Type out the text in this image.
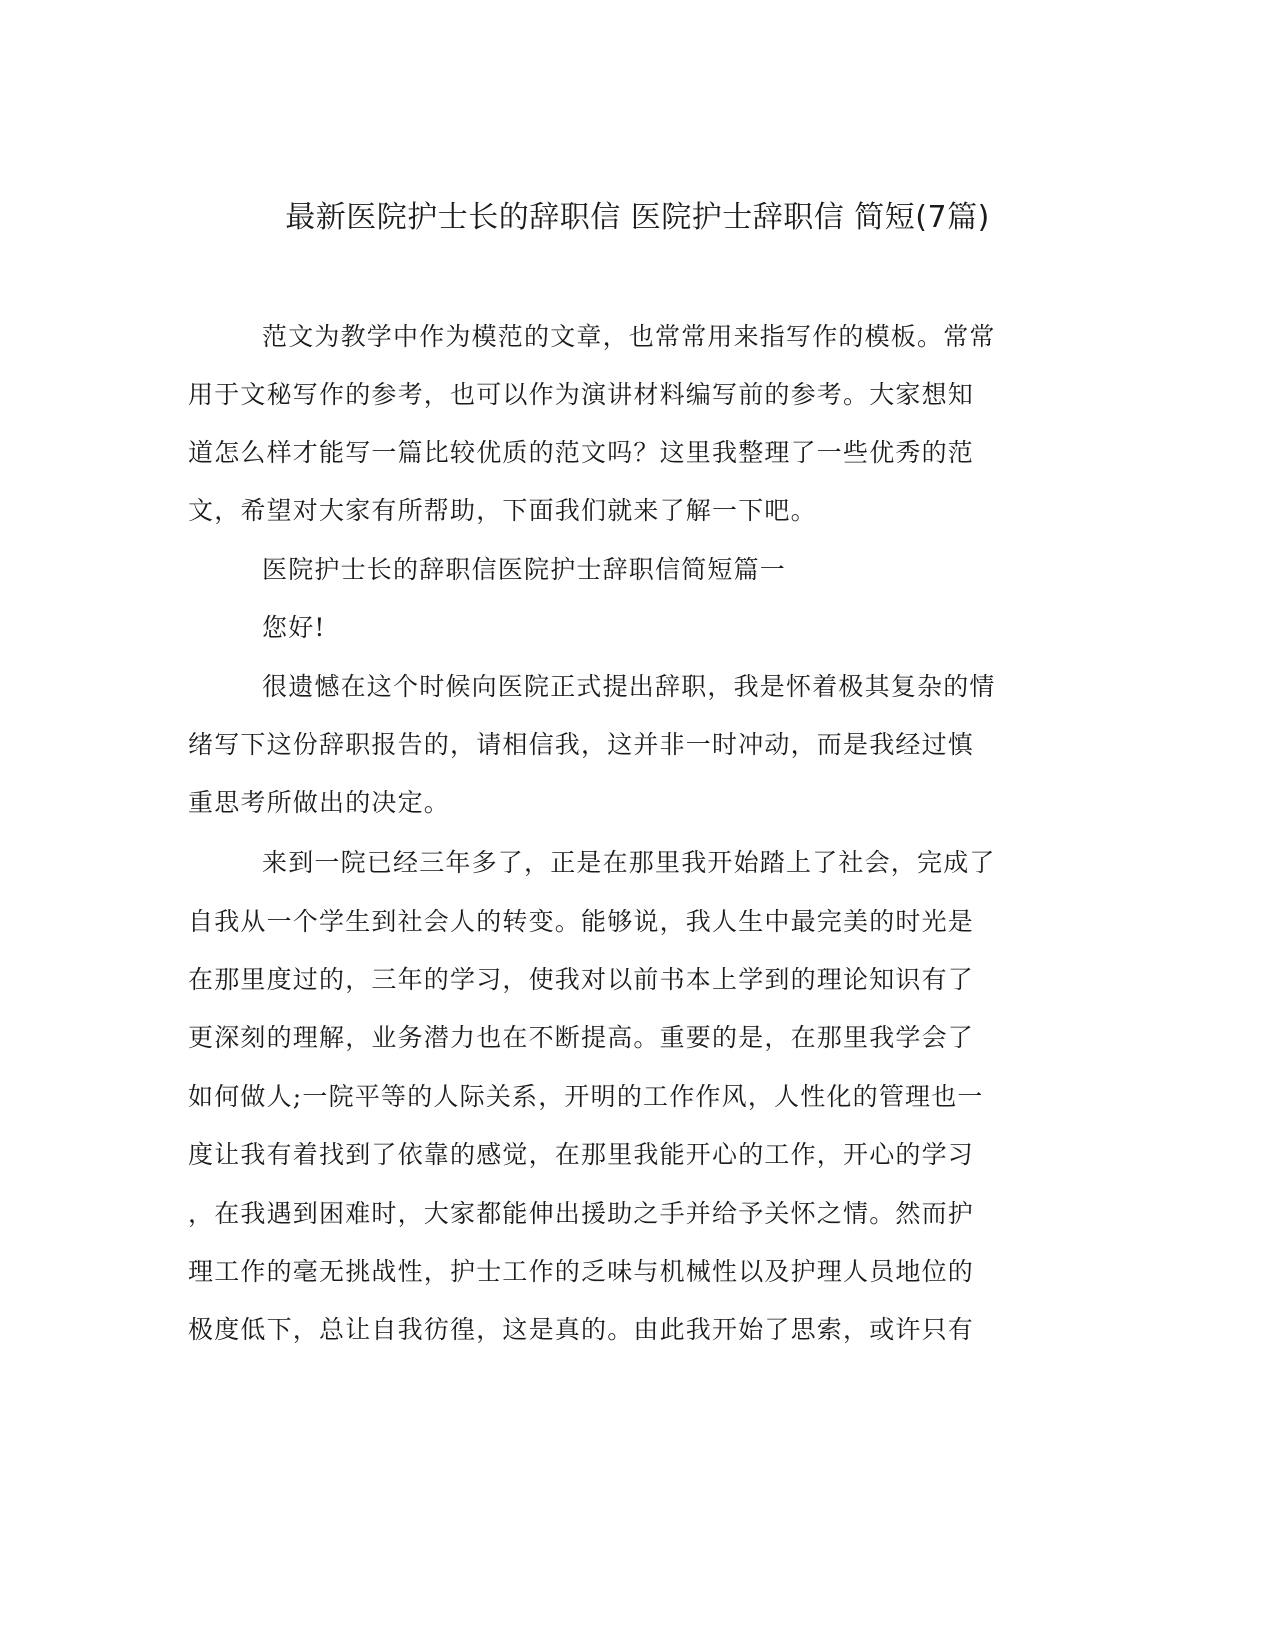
最新医院护士长的辞职信 医院护士辞职信 简短(7篇)
范文为教学中作为模范的文章，也常常用来指写作的模板。常常
用于文秘写作的参考，也可以作为演讲材料编写前的参考。大家想知
道怎么样才能写一篇比较优质的范文吗？这里我整理了一些优秀的范
文，希望对大家有所帮助，下面我们就来了解一下吧。
医院护士长的辞职信医院护士辞职信简短篇一
您好!
很遗憾在这个时候向医院正式提出辞职，我是怀着极其复杂的情
绪写下这份辞职报告的，请相信我，这并非一时冲动，而是我经过慎
重思考所做出的决定。
来到一院已经三年多了，正是在那里我开始踏上了社会，完成了
自我从一个学生到社会人的转变。能够说，我人生中最完美的时光是
在那里度过的，三年的学习，使我对以前书本上学到的理论知识有了
更深刻的理解，业务潜力也在不断提高。重要的是，在那里我学会了
如何做人;一院平等的人际关系，开明的工作作风，人性化的管理也一
度让我有着找到了依靠的感觉，在那里我能开心的工作，开心的学习
，在我遇到困难时，大家都能伸出援助之手并给予关怀之情。然而护
理工作的毫无挑战性，护士工作的乏味与机械性以及护理人员地位的
极度低下，总让自我彷徨，这是真的。由此我开始了思索，或许只有
